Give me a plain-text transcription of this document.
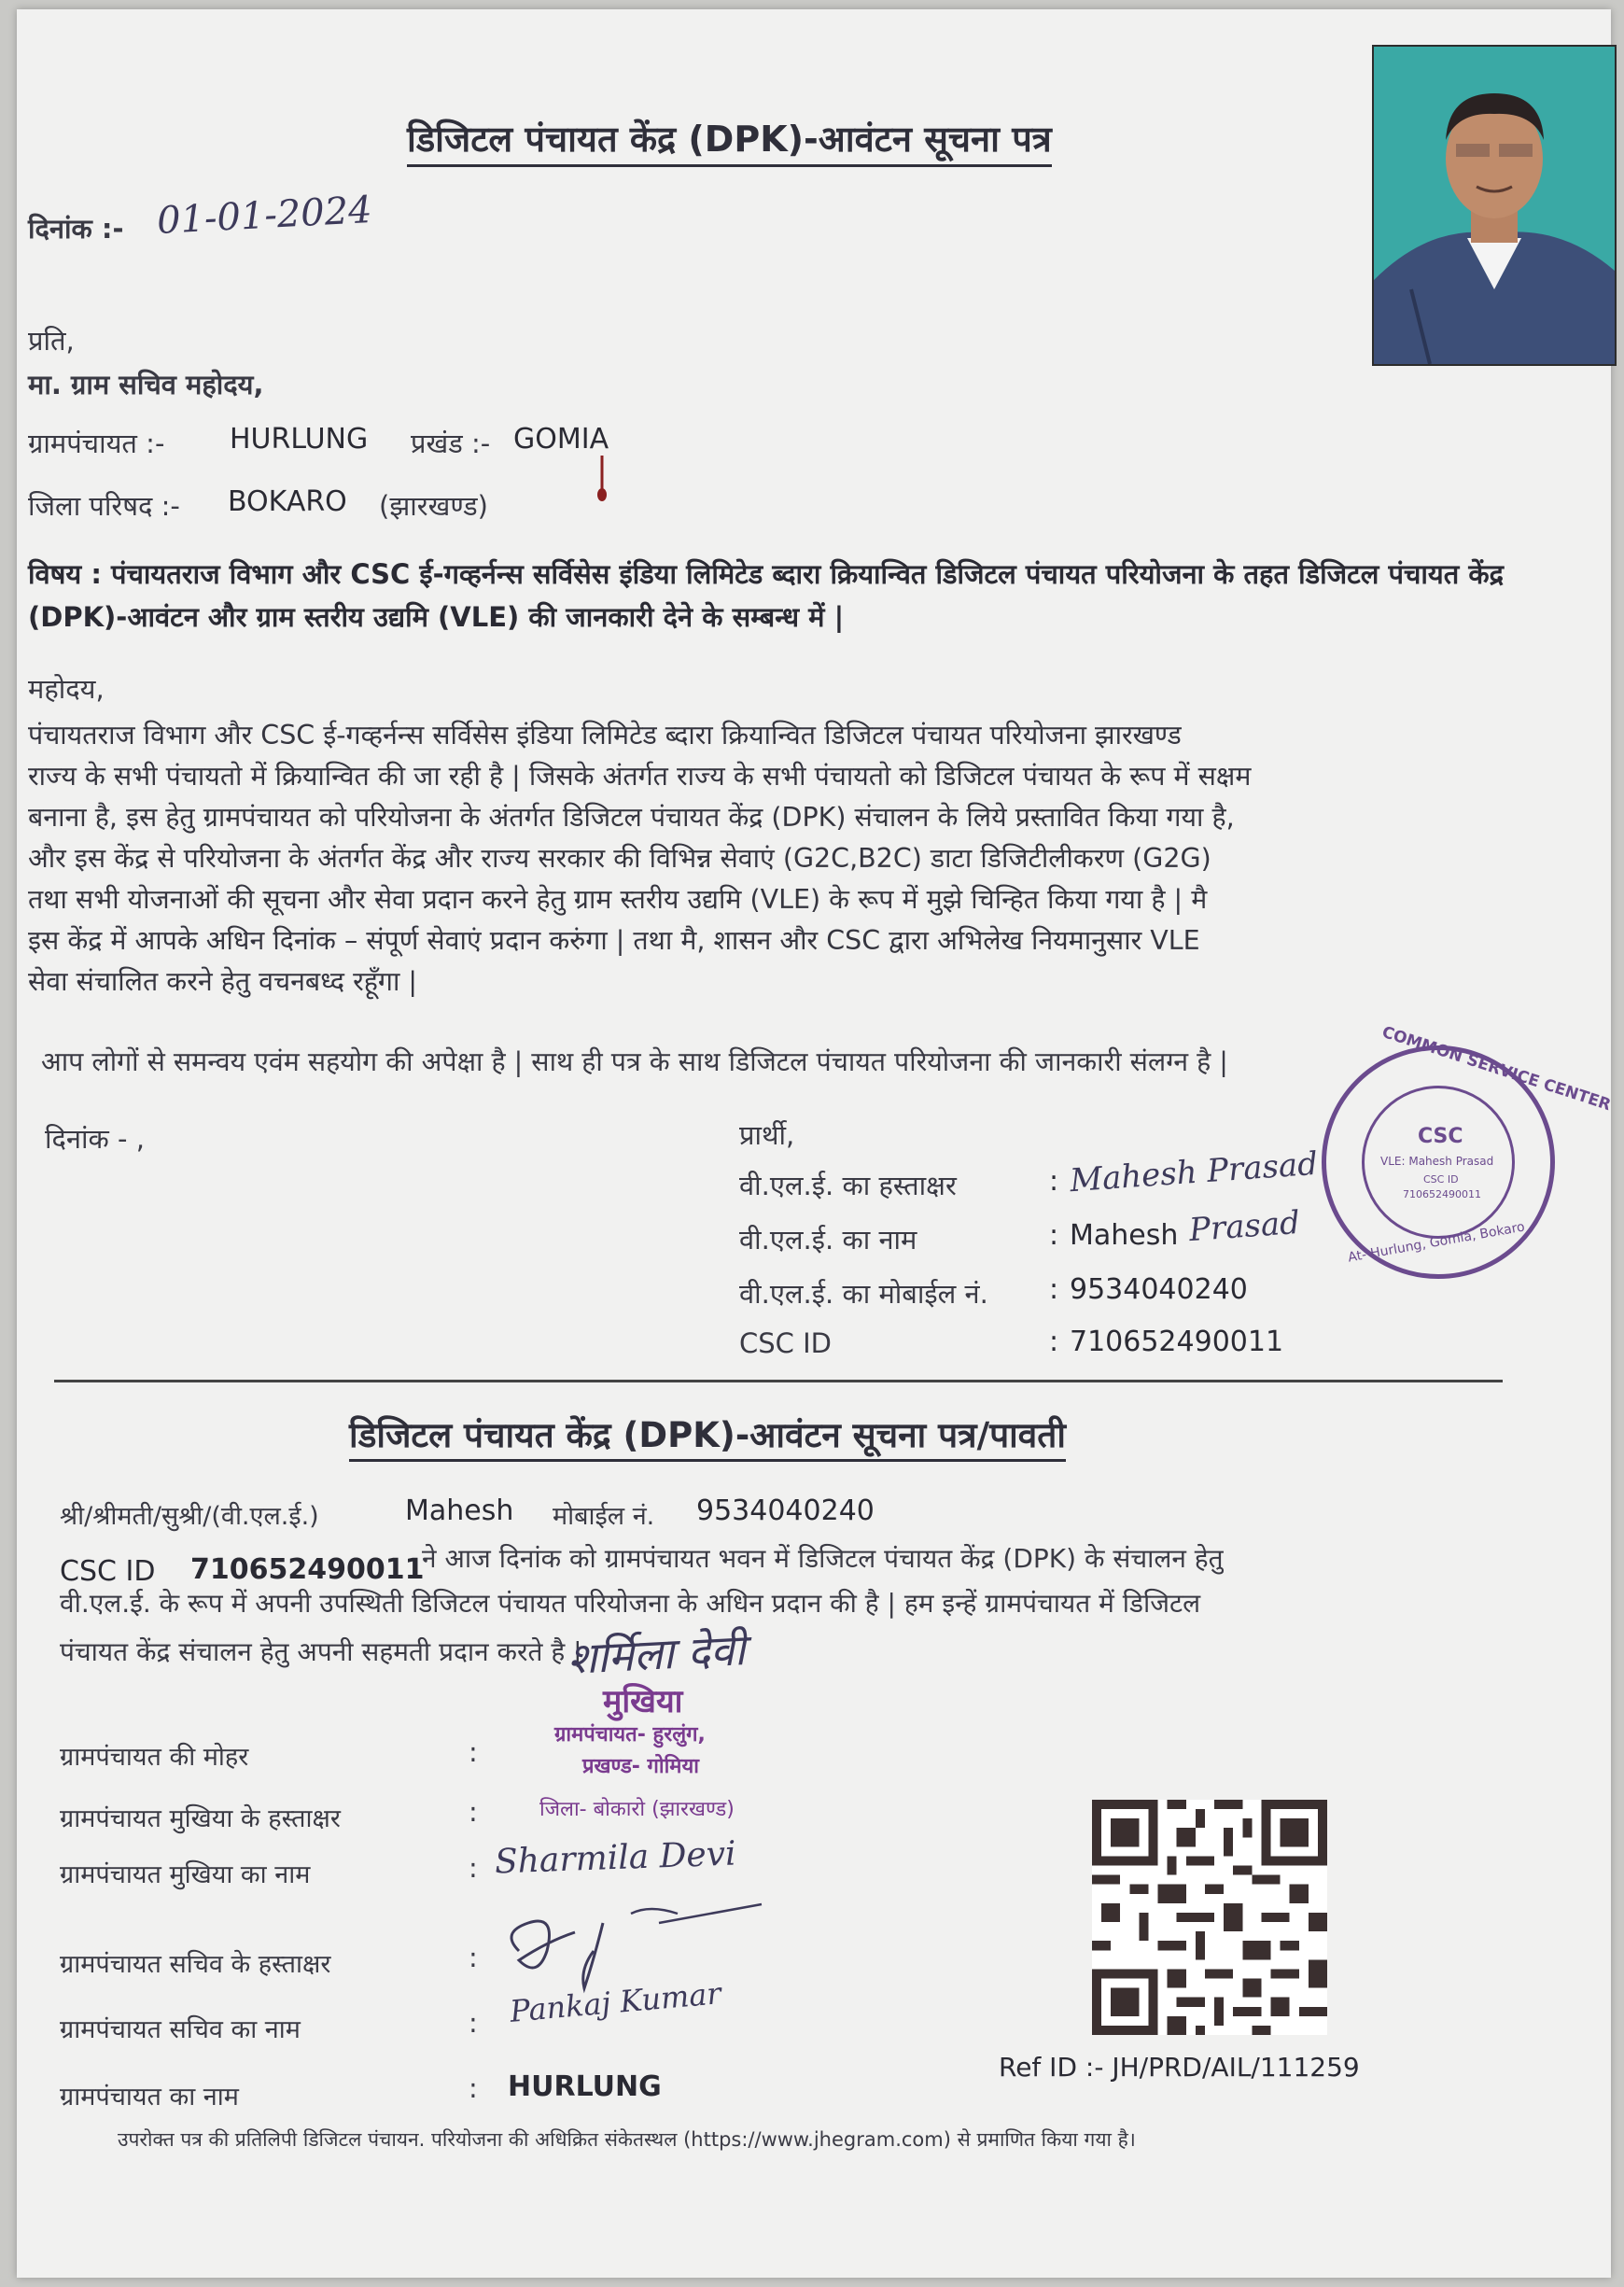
डिजिटल पंचायत केंद्र (DPK)-आवंटन सूचना पत्र
दिनांक :- 01-01-2024
प्रति,
मा. ग्राम सचिव महोदय,
ग्रामपंचायत :- HURLUNG प्रखंड :- GOMIA
जिला परिषद :- BOKARO (झारखण्ड)
विषय : पंचायतराज विभाग और CSC ई-गव्हर्नन्स सर्विसेस इंडिया लिमिटेड ब्दारा क्रियान्वित डिजिटल पंचायत परियोजना के तहत डिजिटल पंचायत केंद्र (DPK)-आवंटन और ग्राम स्तरीय उद्यमि (VLE) की जानकारी देने के सम्बन्ध में |
महोदय,
पंचायतराज विभाग और CSC ई-गव्हर्नन्स सर्विसेस इंडिया लिमिटेड ब्दारा क्रियान्वित डिजिटल पंचायत परियोजना झारखण्ड
राज्य के सभी पंचायतो में क्रियान्वित की जा रही है | जिसके अंतर्गत राज्य के सभी पंचायतो को डिजिटल पंचायत के रूप में सक्षम
बनाना है, इस हेतु ग्रामपंचायत को परियोजना के अंतर्गत डिजिटल पंचायत केंद्र (DPK) संचालन के लिये प्रस्तावित किया गया है,
और इस केंद्र से परियोजना के अंतर्गत केंद्र और राज्य सरकार की विभिन्न सेवाएं (G2C,B2C) डाटा डिजिटीलीकरण (G2G)
तथा सभी योजनाओं की सूचना और सेवा प्रदान करने हेतु ग्राम स्तरीय उद्यमि (VLE) के रूप में मुझे चिन्हित किया गया है | मै
इस केंद्र में आपके अधिन दिनांक – संपूर्ण सेवाएं प्रदान करुंगा | तथा मै, शासन और CSC द्वारा अभिलेख नियमानुसार VLE
सेवा संचालित करने हेतु वचनबध्द रहूँगा |
आप लोगों से समन्वय एवंम सहयोग की अपेक्षा है | साथ ही पत्र के साथ डिजिटल पंचायत परियोजना की जानकारी संलग्न है |
दिनांक - ,	प्रार्थी,
वी.एल.ई. का हस्ताक्षर	: Mahesh Prasad
वी.एल.ई. का नाम	: Mahesh Prasad
वी.एल.ई. का मोबाईल नं. : 9534040240
CSC ID	: 710652490011
COMMON SERVICE CENTER
CSC
VLE: Mahesh Prasad
CSC ID
710652490011
At- Hurlung, Gomia, Bokaro
डिजिटल पंचायत केंद्र (DPK)-आवंटन सूचना पत्र/पावती
श्री/श्रीमती/सुश्री/(वी.एल.ई.)	Mahesh मोबाईल नं. 9534040240
CSC ID 710652490011
ने आज दिनांक को ग्रामपंचायत भवन में डिजिटल पंचायत केंद्र (DPK) के संचालन हेतु
वी.एल.ई. के रूप में अपनी उपस्थिती डिजिटल पंचायत परियोजना के अधिन प्रदान की है | हम इन्हें ग्रामपंचायत में डिजिटल
पंचायत केंद्र संचालन हेतु अपनी सहमती प्रदान करते है |
शर्मिला देवी
मुखिया
ग्रामपंचायत- हुरलुंग,
प्रखण्ड- गोमिया
जिला- बोकारो (झारखण्ड)
ग्रामपंचायत की मोहर	:
ग्रामपंचायत मुखिया के हस्ताक्षर	:
ग्रामपंचायत मुखिया का नाम	: Sharmila Devi
ग्रामपंचायत सचिव के हस्ताक्षर	:
ग्रामपंचायत सचिव का नाम	: Pankaj Kumar
ग्रामपंचायत का नाम	: HURLUNG
Ref ID :- JH/PRD/AIL/111259
उपरोक्त पत्र की प्रतिलिपी डिजिटल पंचायन. परियोजना की अधिक्रित संकेतस्थल (https://www.jhegram.com) से प्रमाणित किया गया है।
